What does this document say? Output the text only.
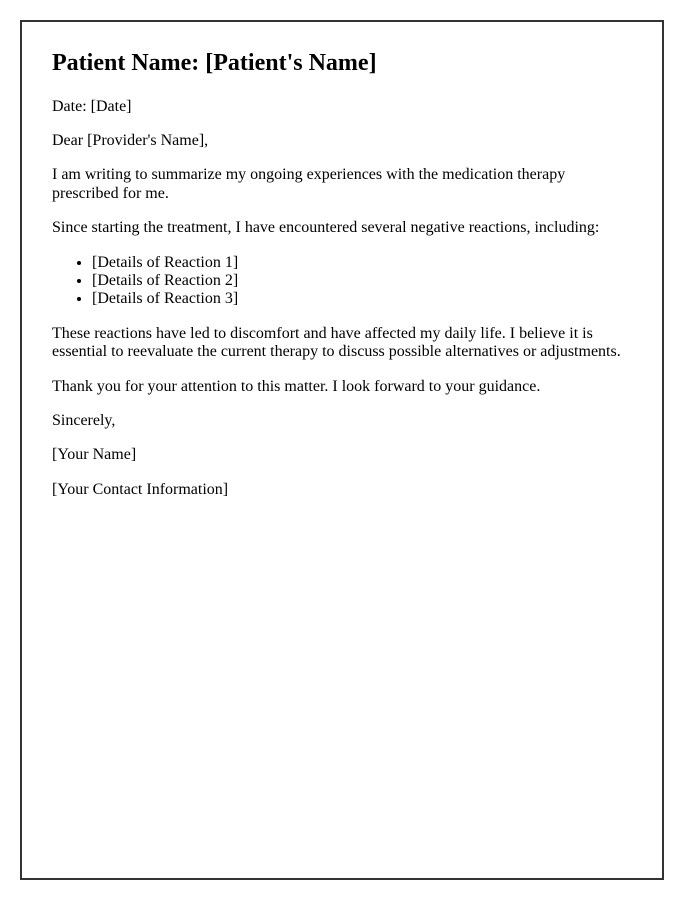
Patient Name: [Patient's Name]

Date: [Date]

Dear [Provider's Name],

I am writing to summarize my ongoing experiences with the medication therapy prescribed for me.

Since starting the treatment, I have encountered several negative reactions, including:

• [Details of Reaction 1]
• [Details of Reaction 2]
• [Details of Reaction 3]

These reactions have led to discomfort and have affected my daily life. I believe it is essential to reevaluate the current therapy to discuss possible alternatives or adjustments.

Thank you for your attention to this matter. I look forward to your guidance.

Sincerely,

[Your Name]

[Your Contact Information]
